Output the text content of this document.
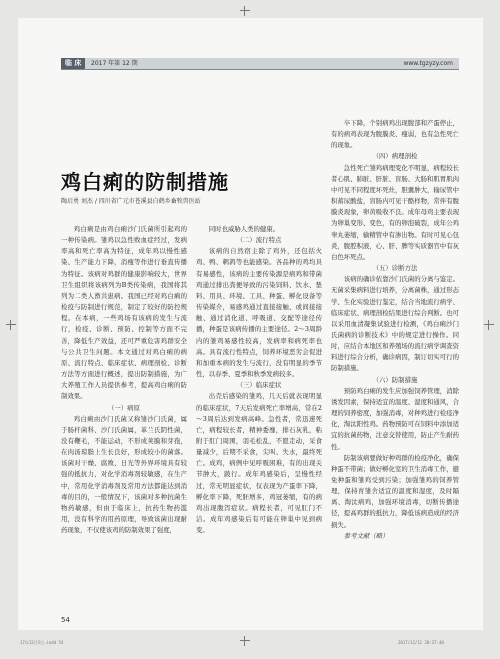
临 床	2017 年第 12 期	www.tgzyzy.com
鸡白痢的防制措施
陶启勇 刘杰 / 四川省广元市苍溪县白鹤乡畜牧兽医站

鸡白痢是由鸡白痢沙门氏菌所引起鸡的一种传染病。雏鸡以急性败血症经过，发病率高和死亡率高为特征，成年鸡以慢性感染、生产能力下降，消瘦等作进行垂直传播为特征。该病对鸡群的健康影响较大，世界卫生组织将该病列为B类传染病，我国将其列为二类人畜共患病。我国已经对鸡白痢的检疫与防制进行规范，制定了较好的防控规程。在本病，一些鸡场有该病的发生与流行，检疫、诊断、预防、控制等方面不完善，降低生产效益，还可严重危害鸡群安全与公共卫生问题。本文通过对鸡白痢的病原、流行特点、临床症状、病理剖检、诊断方法等方面进行概述，提出防制措施，为广大养殖工作人员提供参考，提高鸡白痢的防制效果。

（一）病原

鸡白痢由沙门氏菌又称雏沙门氏菌，属于肠杆菌科、沙门氏菌属，革兰氏阴性菌，没有鞭毛，不能运动，不形成荚膜和芽孢，在肉汤琼脂上生长良好，形成较小的菌落。该菌对干燥、腐败、日光等外界环境具有较强的抵抗力，对化学消毒剂较敏感，在生产中，常用化学消毒剂及常用方法都能达到消毒的目的，一般情况下，该菌对多种抗菌生物药敏感，但由于临床上，抗药生物药滥用，没有科学的用药原理，导致该菌出现耐药现象，不仅使该鸡的防制效果了强度，

同时也威胁人类的健康。

（二）流行特点

该病的自然宿主除了鸡外，还包括火鸡、鸭、鹌鹑等也能感染。各品种的鸡均具有易感性，该病的主要传染源是病鸡和带菌鸡通过排出粪便导致的污染饲料、饮水、垫料、用具、环境、工具、种蛋、孵化设备等传染媒介，易感鸡通过直接接触、或间接接触、通过消化道、呼吸道、交配等途径传播，种蛋是该病传播的主要途径。2～3周龄内的雏鸡易感性较高，发病率和病死率也高。具有流行性特点，饲养环境恶劣会促进和加重本病的发生与流行，没有明显的季节性，以春季、夏季和秋季发病较多。

（三）临床症状

出壳后感染的雏鸡，几天后就表现明显的临床症状，7天后发病死亡率增高，常在2～3周后达到发病高峰。急性者，常迅速死亡，病程较长者，精神委靡，排石灰乳，粘附于肛门周围，羽毛松乱，不愿走动，采食量减少，后期不采食，尖叫、失水，最终死亡。成鸡，病例中见呼吸困难，有的出现关节肿大，跛行。成年鸡感染后，呈慢性经过，常无明显症状，仅表现为产蛋率下降，孵化率下降，死胚增多，鸡冠萎缩，有的病鸡出现腹泻症状。病程长者，可见肛门不洁。成年鸡感染后有可能在卵巢中见到病变。

卒下降，个别病鸡出现腹部和产蛋停止，有的病鸡表现为腹膜炎、瘦弱，也有急性死亡的现象。

（四）病理剖检

急性死亡雏鸡病理变化不明显，病程较长者心肌、肺脏、肝脏、盲肠、大肠和肌胃肌肉中可见不同程度坏死灶，胆囊肿大，输尿管中积蓄尿酸盐，盲肠内可见干酪样物，常伴有腹膜炎现象，卵黄吸收不良。成年母鸡主要表现为卵巢变形、变色，有的卵泡破裂，成年公鸡睾丸萎缩，输精管中有渗出物。有时可见心包炎，腹腔积液，心、肝、脾等实质器官中有灰白色坏死点。

（五）诊断方法

该病的确诊依靠沙门氏菌的分离与鉴定。无菌采集病料进行培养，分离菌株，通过形态学、生化实验进行鉴定，结合当地流行病学、临床症状、病理剖检结果进行综合判断。也可以采用血清凝集试验进行检测，《鸡白痢沙门氏菌病的诊断技术》中的规定进行操作。同时，应结合本地区和养殖场的流行病学调查资料进行综合分析，确诊病因，制订切实可行的防制措施。

（六）防制措施

预防鸡白痢的发生应加强饲养管理，消除诱发因素，保持适宜的温度、湿度和通风，合理的饲养密度，加强消毒，对种鸡进行检疫净化，淘汰阳性鸡。药物预防可在饲料中添加适宜的抗菌药物，注意交替使用，防止产生耐药性。

防制该病要做好种鸡群的检疫净化，确保种蛋不带菌；做好孵化室的卫生消毒工作，避免种蛋和雏鸡受到污染；加强雏鸡的饲养管理，保持育雏舍适宜的温度和湿度，及时隔离、淘汰病鸡，加强环境消毒，切断传播途径，提高鸡群的抵抗力，降低该病造成的经济损失。

参考文献（略）

54
17年12月5日.indd 54	2017/12/11 20:37:40
